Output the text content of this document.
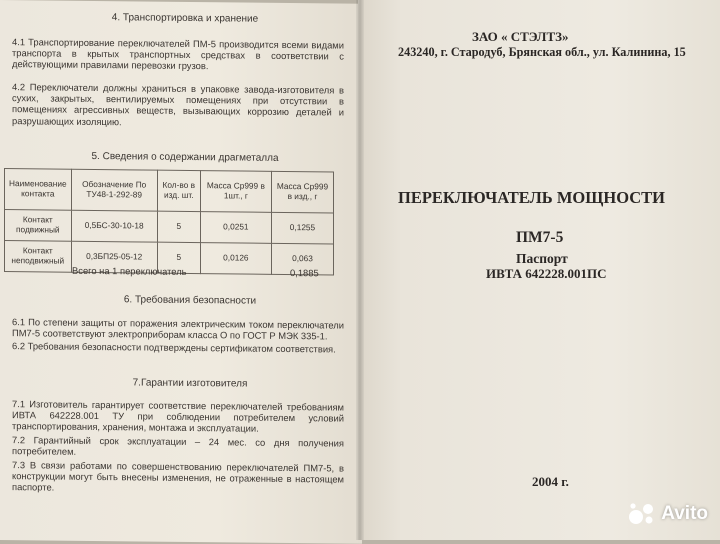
4. Транспортировка и хранение
4.1 Транспортирование переключателей ПМ-5 производится всеми видами транспорта в крытых транспортных средствах в соответствии с действующими правилами перевозки грузов.
4.2 Переключатели должны храниться в упаковке завода-изготовителя в сухих, закрытых, вентилируемых помещениях при отсутствии в помещениях агрессивных веществ, вызывающих коррозию деталей и разрушающих изоляцию.
5. Сведения о содержании драгметалла
Наименование контакта	Обозначение По ТУ48-1-292-89	Кол-во в изд. шт.	Масса Ср999 в 1шт., г	Масса Ср999 в изд., г
Контакт подвижный	0,5БС-30-10-18	5	0,0251	0,1255
Контакт неподвижный	0,3БП25-05-12	5	0,0126	0,063
Всего на 1 переключатель	0,1885
6. Требования безопасности
6.1 По степени защиты от поражения электрическим током переключатели ПМ7-5 соответствуют электроприборам класса О по ГОСТ Р МЭК 335-1.
6.2 Требования безопасности подтверждены сертификатом соответствия.
7.Гарантии изготовителя
7.1 Изготовитель гарантирует соответствие переключателей требованиям ИВТА 642228.001 ТУ при соблюдении потребителем условий транспортирования, хранения, монтажа и эксплуатации.
7.2 Гарантийный срок эксплуатации – 24 мес. со дня получения потребителем.
7.3 В связи работами по совершенствованию переключателей ПМ7-5, в конструкции могут быть внесены изменения, не отраженные в настоящем паспорте.
ЗАО « СТЭЛТЗ»
243240, г. Стародуб, Брянская обл., ул. Калинина, 15
ПЕРЕКЛЮЧАТЕЛЬ МОЩНОСТИ
ПМ7-5
Паспорт
ИВТА 642228.001ПС
2004 г.
Avito
